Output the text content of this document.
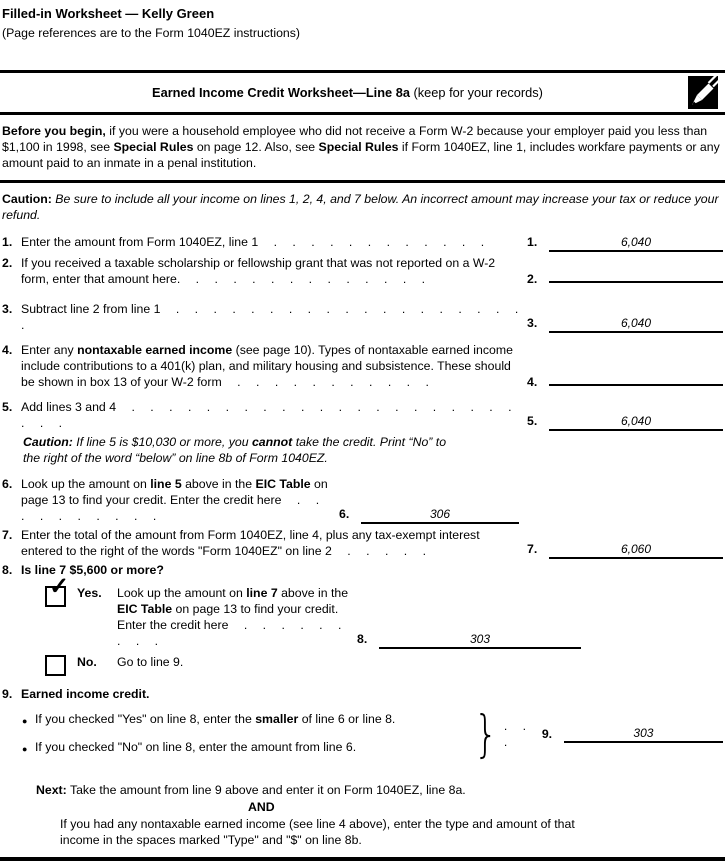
Filled-in Worksheet — Kelly Green
(Page references are to the Form 1040EZ instructions)
Earned Income Credit Worksheet—Line 8a (keep for your records)

Before you begin, if you were a household employee who did not receive a Form W-2 because your employer paid you less than $1,100 in 1998, see Special Rules on page 12. Also, see Special Rules if Form 1040EZ, line 1, includes workfare payments or any amount paid to an inmate in a penal institution.

Caution: Be sure to include all your income on lines 1, 2, 4, and 7 below. An incorrect amount may increase your tax or reduce your refund.

1. Enter the amount from Form 1040EZ, line 1 . . . . . . . . . . . .	1.	6,040
2. If you received a taxable scholarship or fellowship grant that was not reported on a W-2 form, enter that amount here. . . . . . . . . . . . . .	2.
3. Subtract line 2 from line 1 . . . . . . . . . . . . . . . . . . . .	3.	6,040
4. Enter any nontaxable earned income (see page 10). Types of nontaxable earned income include contributions to a 401(k) plan, and military housing and subsistence. These should be shown in box 13 of your W-2 form . . . . . . . . . . .	4.
5. Add lines 3 and 4 . . . . . . . . . . . . . . . . . . . . . . . .	5.	6,040
Caution: If line 5 is $10,030 or more, you cannot take the credit. Print “No” to the right of the word “below” on line 8b of Form 1040EZ.
6. Look up the amount on line 5 above in the EIC Table on page 13 to find your credit. Enter the credit here . . . . . . . . . .	6.	306
7. Enter the total of the amount from Form 1040EZ, line 4, plus any tax-exempt interest entered to the right of the words "Form 1040EZ" on line 2 . . . . .	7.	6,060
8. Is line 7 $5,600 or more?
✓ Yes.	Look up the amount on line 7 above in the EIC Table on page 13 to find your credit. Enter the credit here . . . . . . . . .	8.	303
No.	Go to line 9.
9. Earned income credit.
● If you checked "Yes" on line 8, enter the smaller of line 6 or line 8.
● If you checked "No" on line 8, enter the amount from line 6. } . . .
9.	303
Next: Take the amount from line 9 above and enter it on Form 1040EZ, line 8a.
AND
If you had any nontaxable earned income (see line 4 above), enter the type and amount of that income in the spaces marked "Type" and "$" on line 8b.
